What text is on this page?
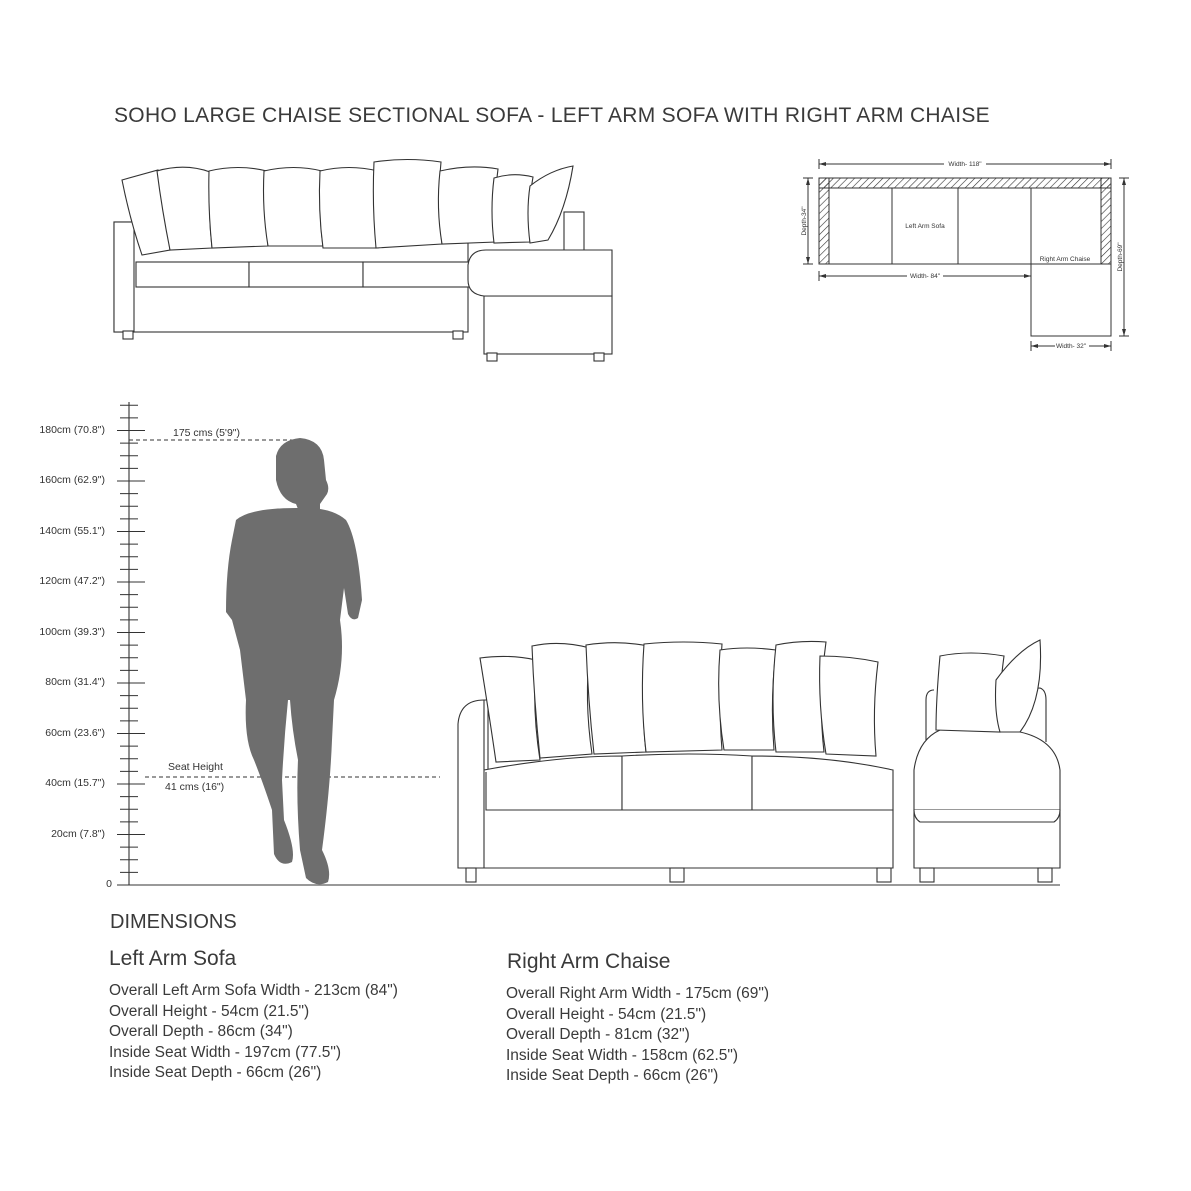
SOHO LARGE CHAISE SECTIONAL SOFA - LEFT ARM SOFA WITH RIGHT ARM CHAISE
Width- 118"
Left Arm Sofa
Right Arm Chaise
Width- 84"
Width- 32"
Depth-34"
Depth-69"
180cm (70.8")
160cm (62.9")
140cm (55.1")
120cm (47.2")
100cm (39.3")
80cm (31.4")
60cm (23.6")
40cm (15.7")
20cm (7.8")
0
175 cms (5'9")
Seat Height
41 cms (16")
DIMENSIONS
Left Arm Sofa
Overall Left Arm Sofa Width - 213cm (84")
Overall Height - 54cm (21.5")
Overall Depth - 86cm (34")
Inside Seat Width - 197cm (77.5")
Inside Seat Depth - 66cm (26")
Right Arm Chaise
Overall Right Arm Width - 175cm (69")
Overall Height - 54cm (21.5")
Overall Depth - 81cm (32")
Inside Seat Width - 158cm (62.5")
Inside Seat Depth - 66cm (26")
